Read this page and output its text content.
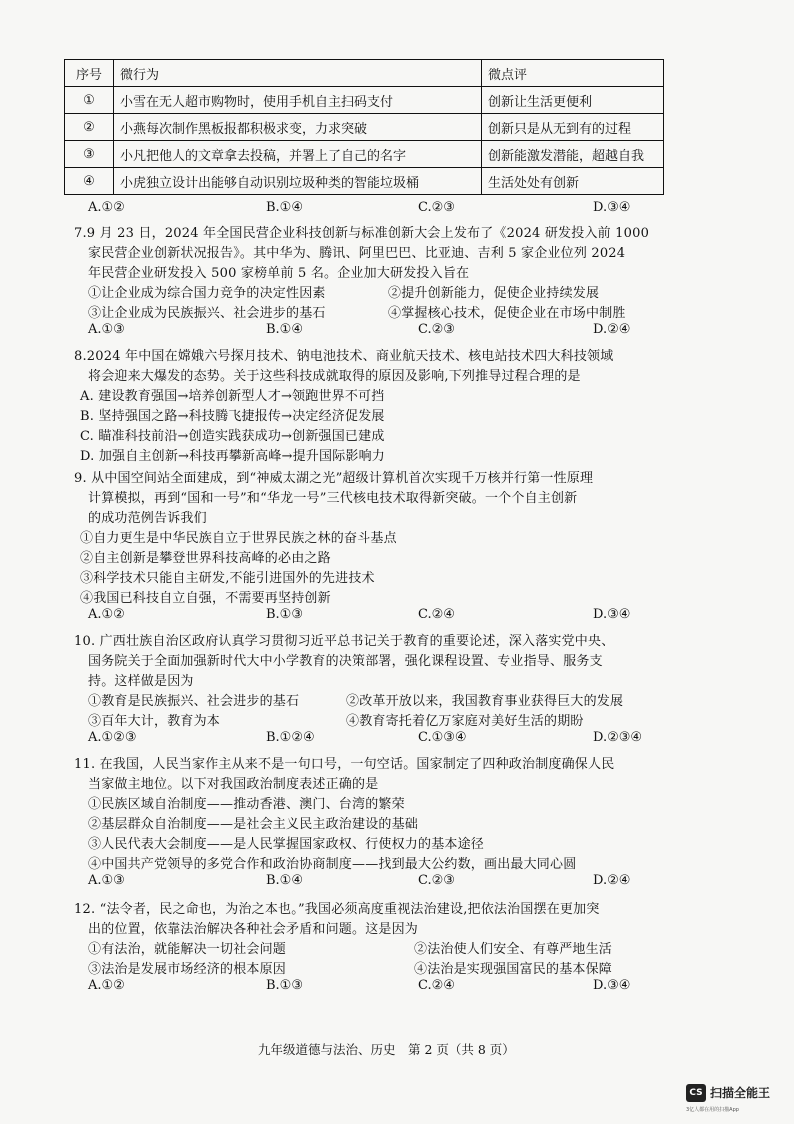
序号	微行为	微点评
①	小雪在无人超市购物时，使用手机自主扫码支付	创新让生活更便利
②	小燕每次制作黑板报都积极求变，力求突破	创新只是从无到有的过程
③	小凡把他人的文章拿去投稿，并署上了自己的名字	创新能激发潜能，超越自我
④	小虎独立设计出能够自动识别垃圾种类的智能垃圾桶	生活处处有创新
A.①②	B.①④	C.②③	D.③④
7.9 月 23 日，2024 年全国民营企业科技创新与标准创新大会上发布了《2024 研发投入前 1000
家民营企业创新状况报告》。其中华为、腾讯、阿里巴巴、比亚迪、吉利 5 家企业位列 2024
年民营企业研发投入 500 家榜单前 5 名。企业加大研发投入旨在
①让企业成为综合国力竞争的决定性因素	②提升创新能力，促使企业持续发展
③让企业成为民族振兴、社会进步的基石	④掌握核心技术，促使企业在市场中制胜
A.①③	B.①④	C.②③	D.②④
8.2024 年中国在嫦娥六号探月技术、钠电池技术、商业航天技术、核电站技术四大科技领域
将会迎来大爆发的态势。关于这些科技成就取得的原因及影响,下列推导过程合理的是
A. 建设教育强国→培养创新型人才→领跑世界不可挡
B. 坚持强国之路→科技腾飞捷报传→决定经济促发展
C. 瞄准科技前沿→创造实践获成功→创新强国已建成
D. 加强自主创新→科技再攀新高峰→提升国际影响力
9. 从中国空间站全面建成，到“神威太湖之光”超级计算机首次实现千万核并行第一性原理
计算模拟，再到“国和一号”和“华龙一号”三代核电技术取得新突破。一个个自主创新
的成功范例告诉我们
①自力更生是中华民族自立于世界民族之林的奋斗基点
②自主创新是攀登世界科技高峰的必由之路
③科学技术只能自主研发,不能引进国外的先进技术
④我国已科技自立自强，不需要再坚持创新
A.①②	B.①③	C.②④	D.③④
10. 广西壮族自治区政府认真学习贯彻习近平总书记关于教育的重要论述，深入落实党中央、
国务院关于全面加强新时代大中小学教育的决策部署，强化课程设置、专业指导、服务支
持。这样做是因为
①教育是民族振兴、社会进步的基石	②改革开放以来，我国教育事业获得巨大的发展
③百年大计，教育为本	④教育寄托着亿万家庭对美好生活的期盼
A.①②③	B.①②④	C.①③④	D.②③④
11. 在我国，人民当家作主从来不是一句口号，一句空话。国家制定了四种政治制度确保人民
当家做主地位。以下对我国政治制度表述正确的是
①民族区域自治制度——推动香港、澳门、台湾的繁荣
②基层群众自治制度——是社会主义民主政治建设的基础
③人民代表大会制度——是人民掌握国家政权、行使权力的基本途径
④中国共产党领导的多党合作和政治协商制度——找到最大公约数，画出最大同心圆
A.①③	B.①④	C.②③	D.②④
12. “法令者，民之命也，为治之本也。”我国必须高度重视法治建设,把依法治国摆在更加突
出的位置，依靠法治解决各种社会矛盾和问题。这是因为
①有法治，就能解决一切社会问题	②法治使人们安全、有尊严地生活
③法治是发展市场经济的根本原因	④法治是实现强国富民的基本保障
A.①②	B.①③	C.②④	D.③④
九年级道德与法治、历史　第 2 页（共 8 页）
CS 扫描全能王
3亿人都在用的扫描App
